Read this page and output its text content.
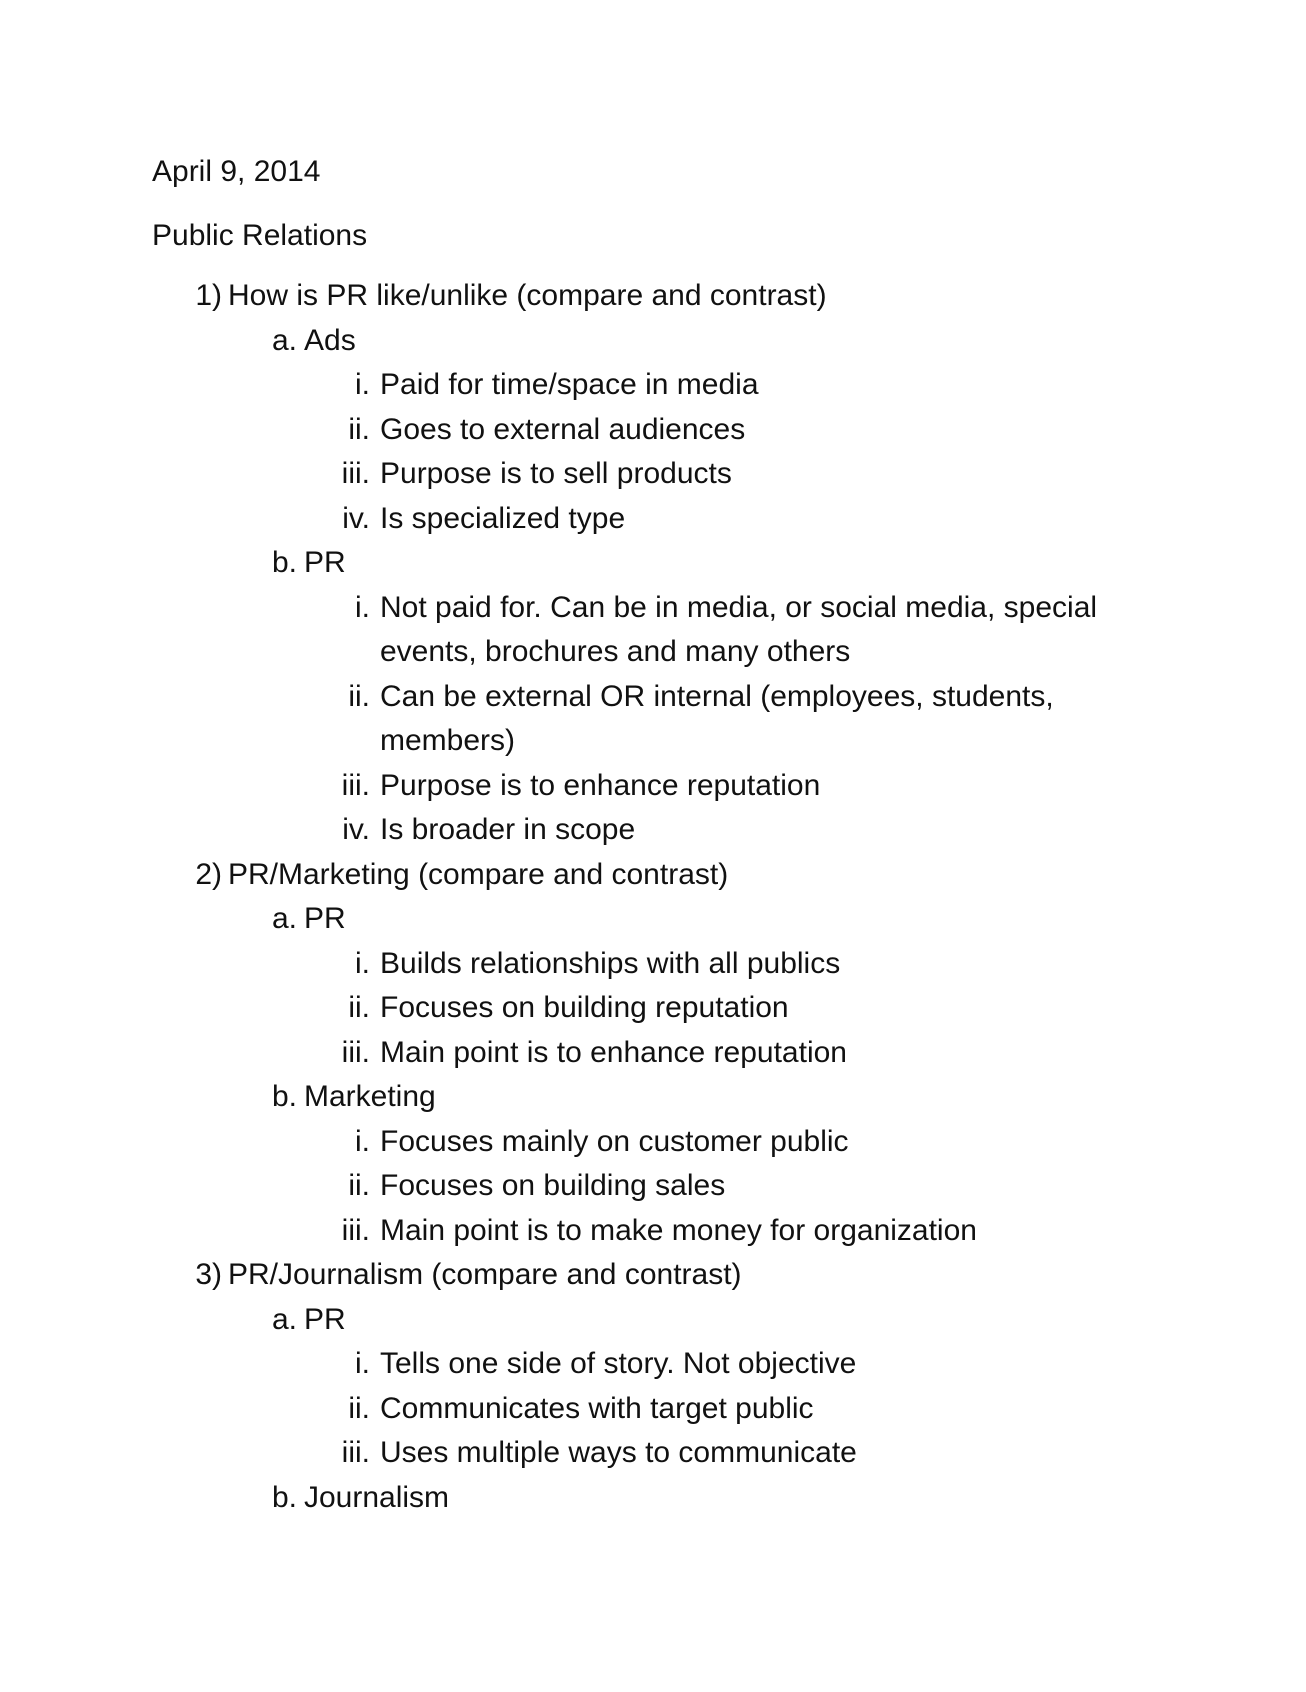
April 9, 2014
Public Relations
1) How is PR like/unlike (compare and contrast)
a. Ads
i. Paid for time/space in media
ii. Goes to external audiences
iii. Purpose is to sell products
iv. Is specialized type
b. PR
i. Not paid for. Can be in media, or social media, special
events, brochures and many others
ii. Can be external OR internal (employees, students,
members)
iii. Purpose is to enhance reputation
iv. Is broader in scope
2) PR/Marketing (compare and contrast)
a. PR
i. Builds relationships with all publics
ii. Focuses on building reputation
iii. Main point is to enhance reputation
b. Marketing
i. Focuses mainly on customer public
ii. Focuses on building sales
iii. Main point is to make money for organization
3) PR/Journalism (compare and contrast)
a. PR
i. Tells one side of story. Not objective
ii. Communicates with target public
iii. Uses multiple ways to communicate
b. Journalism
